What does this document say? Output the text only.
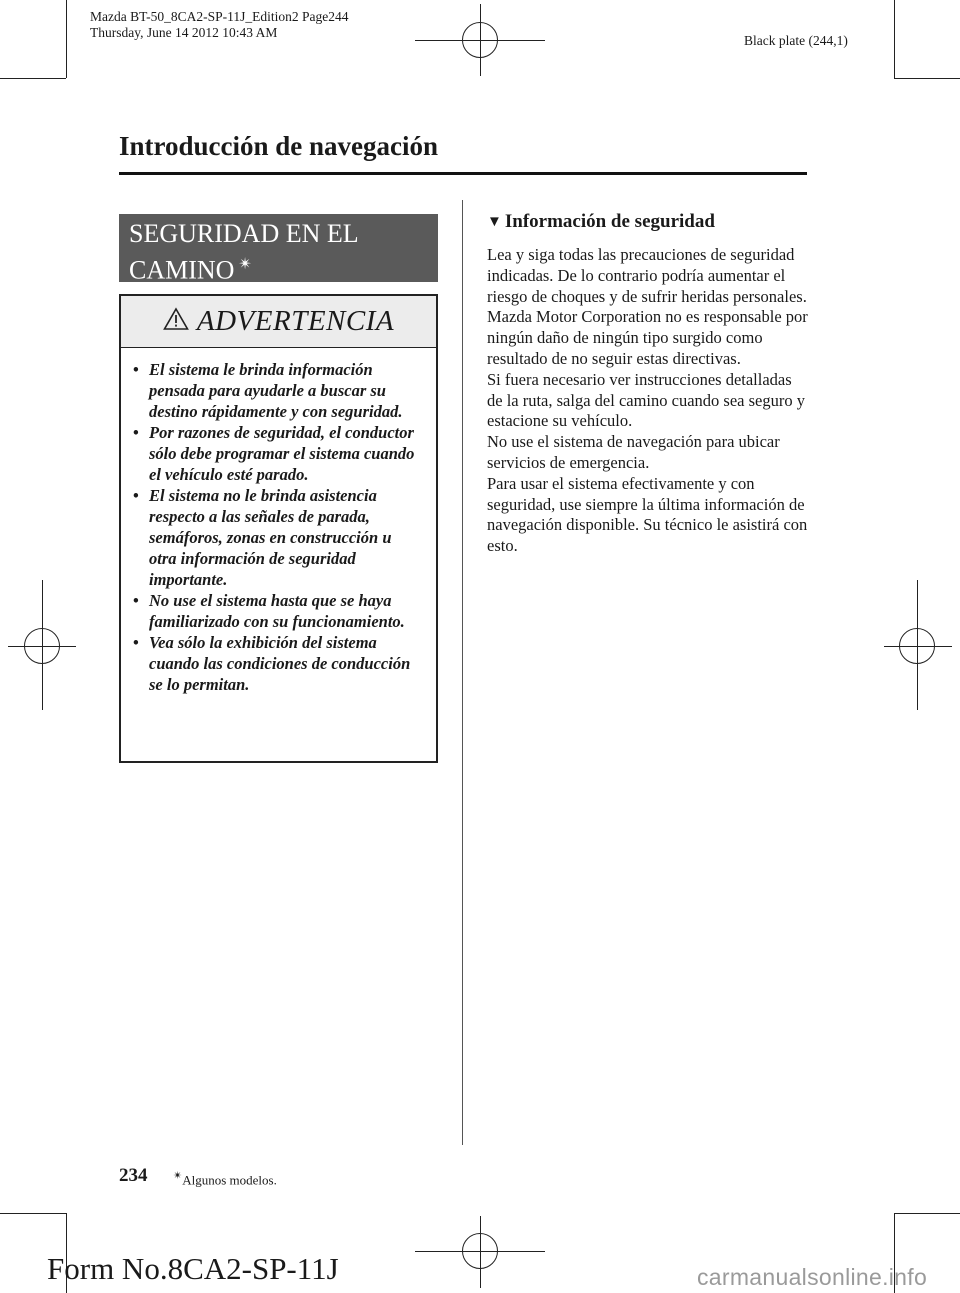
Mazda BT-50_8CA2-SP-11J_Edition2 Page244
Thursday, June 14 2012 10:43 AM
Black plate (244,1)
Introducción de navegación
SEGURIDAD EN EL
CAMINO ✴
ADVERTENCIA
• El sistema le brinda información pensada para ayudarle a buscar su destino rápidamente y con seguridad.
• Por razones de seguridad, el conductor sólo debe programar el sistema cuando el vehículo esté parado.
• El sistema no le brinda asistencia respecto a las señales de parada, semáforos, zonas en construcción u otra información de seguridad importante.
• No use el sistema hasta que se haya familiarizado con su funcionamiento.
• Vea sólo la exhibición del sistema cuando las condiciones de conducción se lo permitan.
▼ Información de seguridad

Lea y siga todas las precauciones de seguridad indicadas. De lo contrario podría aumentar el riesgo de choques y de sufrir heridas personales. Mazda Motor Corporation no es responsable por ningún daño de ningún tipo surgido como resultado de no seguir estas directivas.

Si fuera necesario ver instrucciones detalladas de la ruta, salga del camino cuando sea seguro y estacione su vehículo.

No use el sistema de navegación para ubicar servicios de emergencia.

Para usar el sistema efectivamente y con seguridad, use siempre la última información de navegación disponible. Su técnico le asistirá con esto.

234 ✴Algunos modelos.
Form No.8CA2-SP-11J	carmanualsonline.info
